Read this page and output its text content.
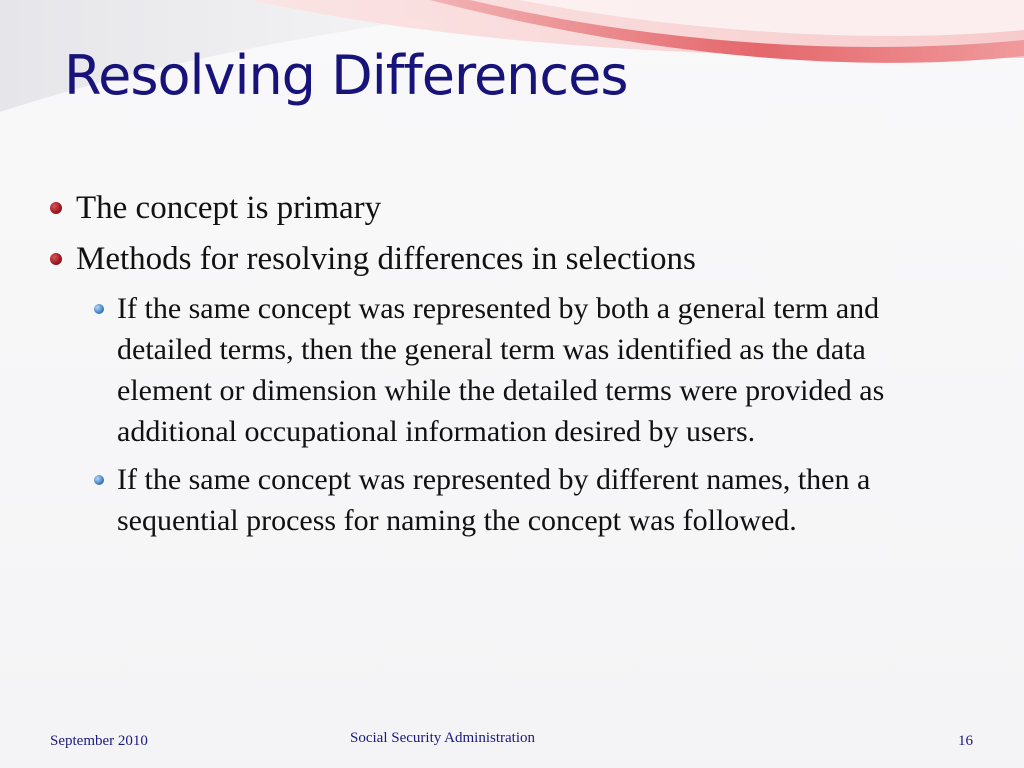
Resolving Differences
The concept is primary
Methods for resolving differences in selections
If the same concept was represented by both a general term and detailed terms, then the general term was identified as the data element or dimension while the detailed terms were provided as additional occupational information desired by users.
If the same concept was represented by different names, then a sequential process for naming the concept was followed.
September 2010	Social Security Administration	16
